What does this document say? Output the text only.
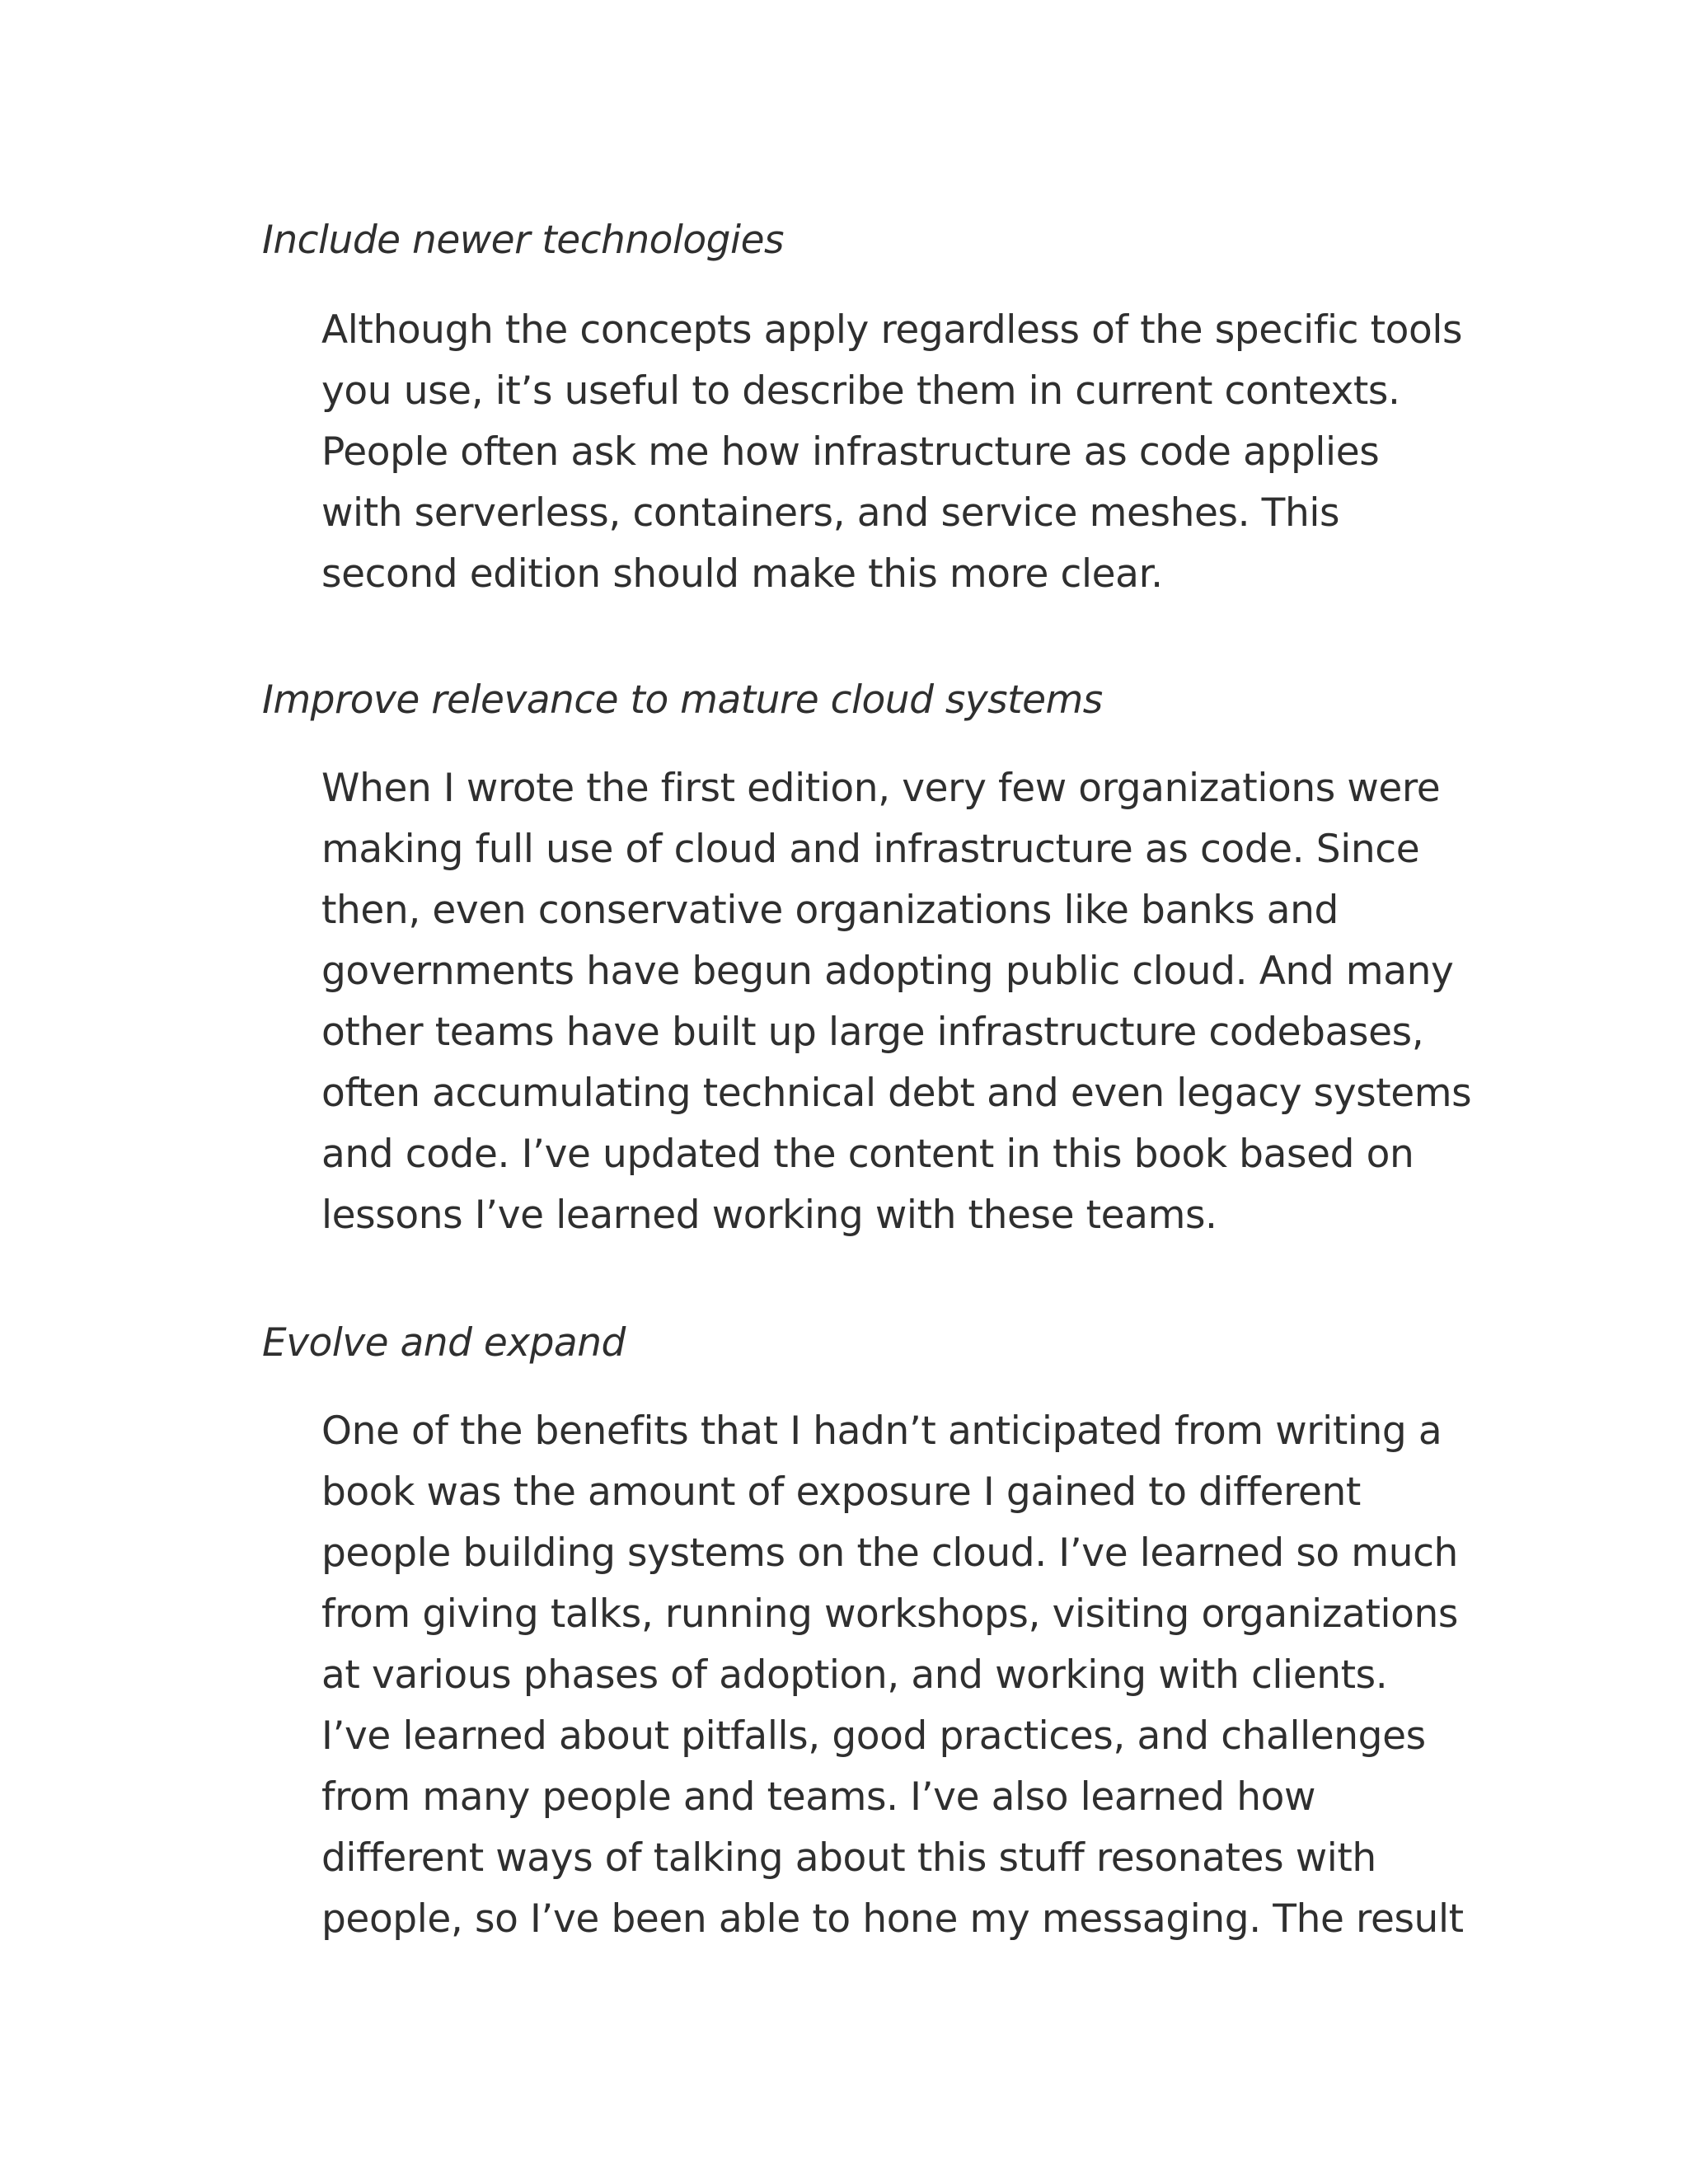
Include newer technologies

Although the concepts apply regardless of the specific tools
you use, it’s useful to describe them in current contexts.
People often ask me how infrastructure as code applies
with serverless, containers, and service meshes. This
second edition should make this more clear.

Improve relevance to mature cloud systems

When I wrote the first edition, very few organizations were
making full use of cloud and infrastructure as code. Since
then, even conservative organizations like banks and
governments have begun adopting public cloud. And many
other teams have built up large infrastructure codebases,
often accumulating technical debt and even legacy systems
and code. I’ve updated the content in this book based on
lessons I’ve learned working with these teams.

Evolve and expand

One of the benefits that I hadn’t anticipated from writing a
book was the amount of exposure I gained to different
people building systems on the cloud. I’ve learned so much
from giving talks, running workshops, visiting organizations
at various phases of adoption, and working with clients.
I’ve learned about pitfalls, good practices, and challenges
from many people and teams. I’ve also learned how
different ways of talking about this stuff resonates with
people, so I’ve been able to hone my messaging. The result
